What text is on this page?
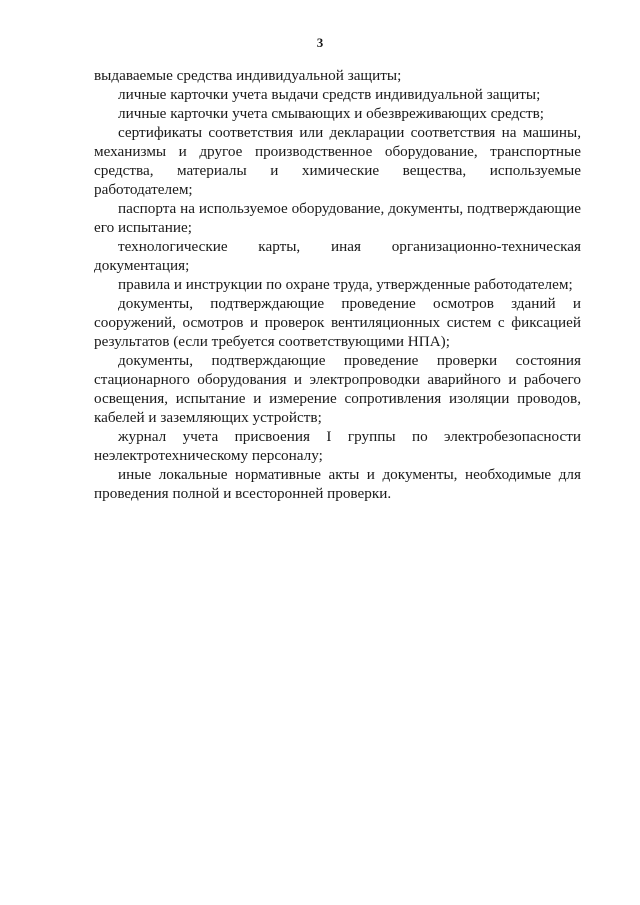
3

выдаваемые средства индивидуальной защиты;

личные карточки учета выдачи средств индивидуальной защиты;

личные карточки учета смывающих и обезвреживающих средств;

сертификаты соответствия или декларации соответствия на машины, механизмы и другое производственное оборудование, транспортные средства, материалы и химические вещества, используемые работодателем;

паспорта на используемое оборудование, документы, подтверждающие его испытание;

технологические карты, иная организационно-техническая документация;

правила и инструкции по охране труда, утвержденные работодателем;

документы, подтверждающие проведение осмотров зданий и сооружений, осмотров и проверок вентиляционных систем с фиксацией результатов (если требуется соответствующими НПА);

документы, подтверждающие проведение проверки состояния стационарного оборудования и электропроводки аварийного и рабочего освещения, испытание и измерение сопротивления изоляции проводов, кабелей и заземляющих устройств;

журнал учета присвоения I группы по электробезопасности неэлектротехническому персоналу;

иные локальные нормативные акты и документы, необходимые для проведения полной и всесторонней проверки.
